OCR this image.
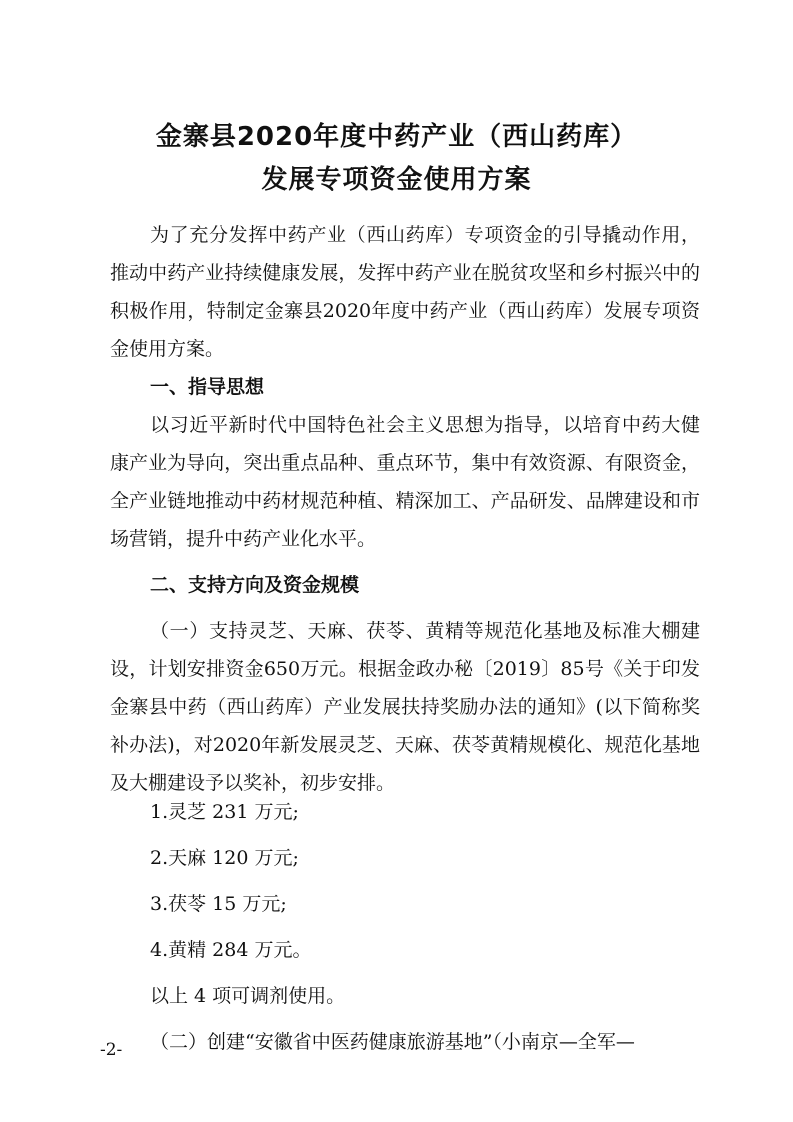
金寨县2020年度中药产业（西山药库）
发展专项资金使用方案
为了充分发挥中药产业（西山药库）专项资金的引导撬动作用，推动中药产业持续健康发展，发挥中药产业在脱贫攻坚和乡村振兴中的积极作用，特制定金寨县2020年度中药产业（西山药库）发展专项资金使用方案。
一、指导思想
以习近平新时代中国特色社会主义思想为指导，以培育中药大健康产业为导向，突出重点品种、重点环节，集中有效资源、有限资金，全产业链地推动中药材规范种植、精深加工、产品研发、品牌建设和市场营销，提升中药产业化水平。
二、支持方向及资金规模
（一）支持灵芝、天麻、茯苓、黄精等规范化基地及标准大棚建设，计划安排资金650万元。根据金政办秘〔2019〕85号《关于印发金寨县中药（西山药库）产业发展扶持奖励办法的通知》(以下简称奖补办法)，对2020年新发展灵芝、天麻、茯苓黄精规模化、规范化基地及大棚建设予以奖补，初步安排。
1.灵芝 231 万元;
2.天麻 120 万元;
3.茯苓 15 万元;
4.黄精 284 万元。
-2-
以上 4 项可调剂使用。
（二）创建“安徽省中医药健康旅游基地”（小南京—全军—
